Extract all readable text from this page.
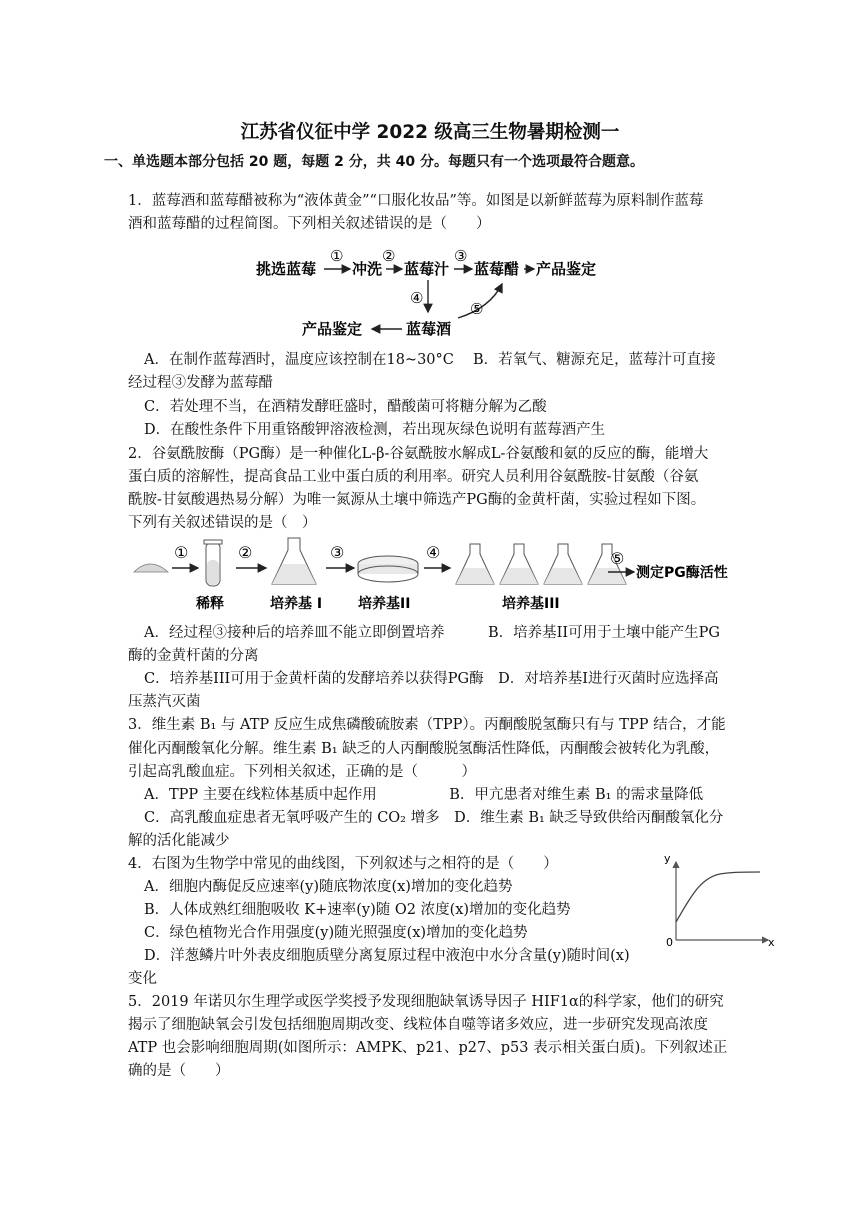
江苏省仪征中学 2022 级高三生物暑期检测一
一、单选题本部分包括 20 题，每题 2 分，共 40 分。每题只有一个选项最符合题意。
1．蓝莓酒和蓝莓醋被称为“液体黄金”“口服化妆品”等。如图是以新鲜蓝莓为原料制作蓝莓
酒和蓝莓醋的过程简图。下列相关叙述错误的是（　　）
挑选蓝莓
①
冲洗
②
蓝莓汁
③
蓝莓醋 产品鉴定
④
⑤
产品鉴定	蓝莓酒
A．在制作蓝莓酒时，温度应该控制在18~30°C　 B．若氧气、糖源充足，蓝莓汁可直接
经过程③发酵为蓝莓醋
C．若处理不当，在酒精发酵旺盛时，醋酸菌可将糖分解为乙酸
D．在酸性条件下用重铬酸钾溶液检测，若出现灰绿色说明有蓝莓酒产生
2．谷氨酰胺酶（PG酶）是一种催化L-β-谷氨酰胺水解成L-谷氨酸和氨的反应的酶，能增大
蛋白质的溶解性，提高食品工业中蛋白质的利用率。研究人员利用谷氨酰胺-甘氨酸（谷氨
酰胺-甘氨酸遇热易分解）为唯一氮源从土壤中筛选产PG酶的金黄杆菌，实验过程如下图。
下列有关叙述错误的是（　）
①
稀释
②
培养基 I
③
培养基II
④
培养基III
⑤
测定PG酶活性
A．经过程③接种后的培养皿不能立即倒置培养　　　B．培养基II可用于土壤中能产生PG
酶的金黄杆菌的分离
C．培养基III可用于金黄杆菌的发酵培养以获得PG酶　D．对培养基I进行灭菌时应选择高
压蒸汽灭菌
3．维生素 B₁ 与 ATP 反应生成焦磷酸硫胺素（TPP）。丙酮酸脱氢酶只有与 TPP 结合，才能
催化丙酮酸氧化分解。维生素 B₁ 缺乏的人丙酮酸脱氢酶活性降低，丙酮酸会被转化为乳酸，
引起高乳酸血症。下列相关叙述，正确的是（　　　）
A．TPP 主要在线粒体基质中起作用　　　　　B．甲亢患者对维生素 B₁ 的需求量降低
C．高乳酸血症患者无氧呼吸产生的 CO₂ 增多　D．维生素 B₁ 缺乏导致供给丙酮酸氧化分
解的活化能减少
4．右图为生物学中常见的曲线图，下列叙述与之相符的是（　　）
A．细胞内酶促反应速率(y)随底物浓度(x)增加的变化趋势
B．人体成熟红细胞吸收 K+速率(y)随 O2 浓度(x)增加的变化趋势
C．绿色植物光合作用强度(y)随光照强度(x)增加的变化趋势
D．洋葱鳞片叶外表皮细胞质壁分离复原过程中液泡中水分含量(y)随时间(x)
变化
y
x
0
5．2019 年诺贝尔生理学或医学奖授予发现细胞缺氧诱导因子 HIF1α的科学家，他们的研究
揭示了细胞缺氧会引发包括细胞周期改变、线粒体自噬等诸多效应，进一步研究发现高浓度
ATP 也会影响细胞周期(如图所示：AMPK、p21、p27、p53 表示相关蛋白质)。下列叙述正
确的是（　　）
